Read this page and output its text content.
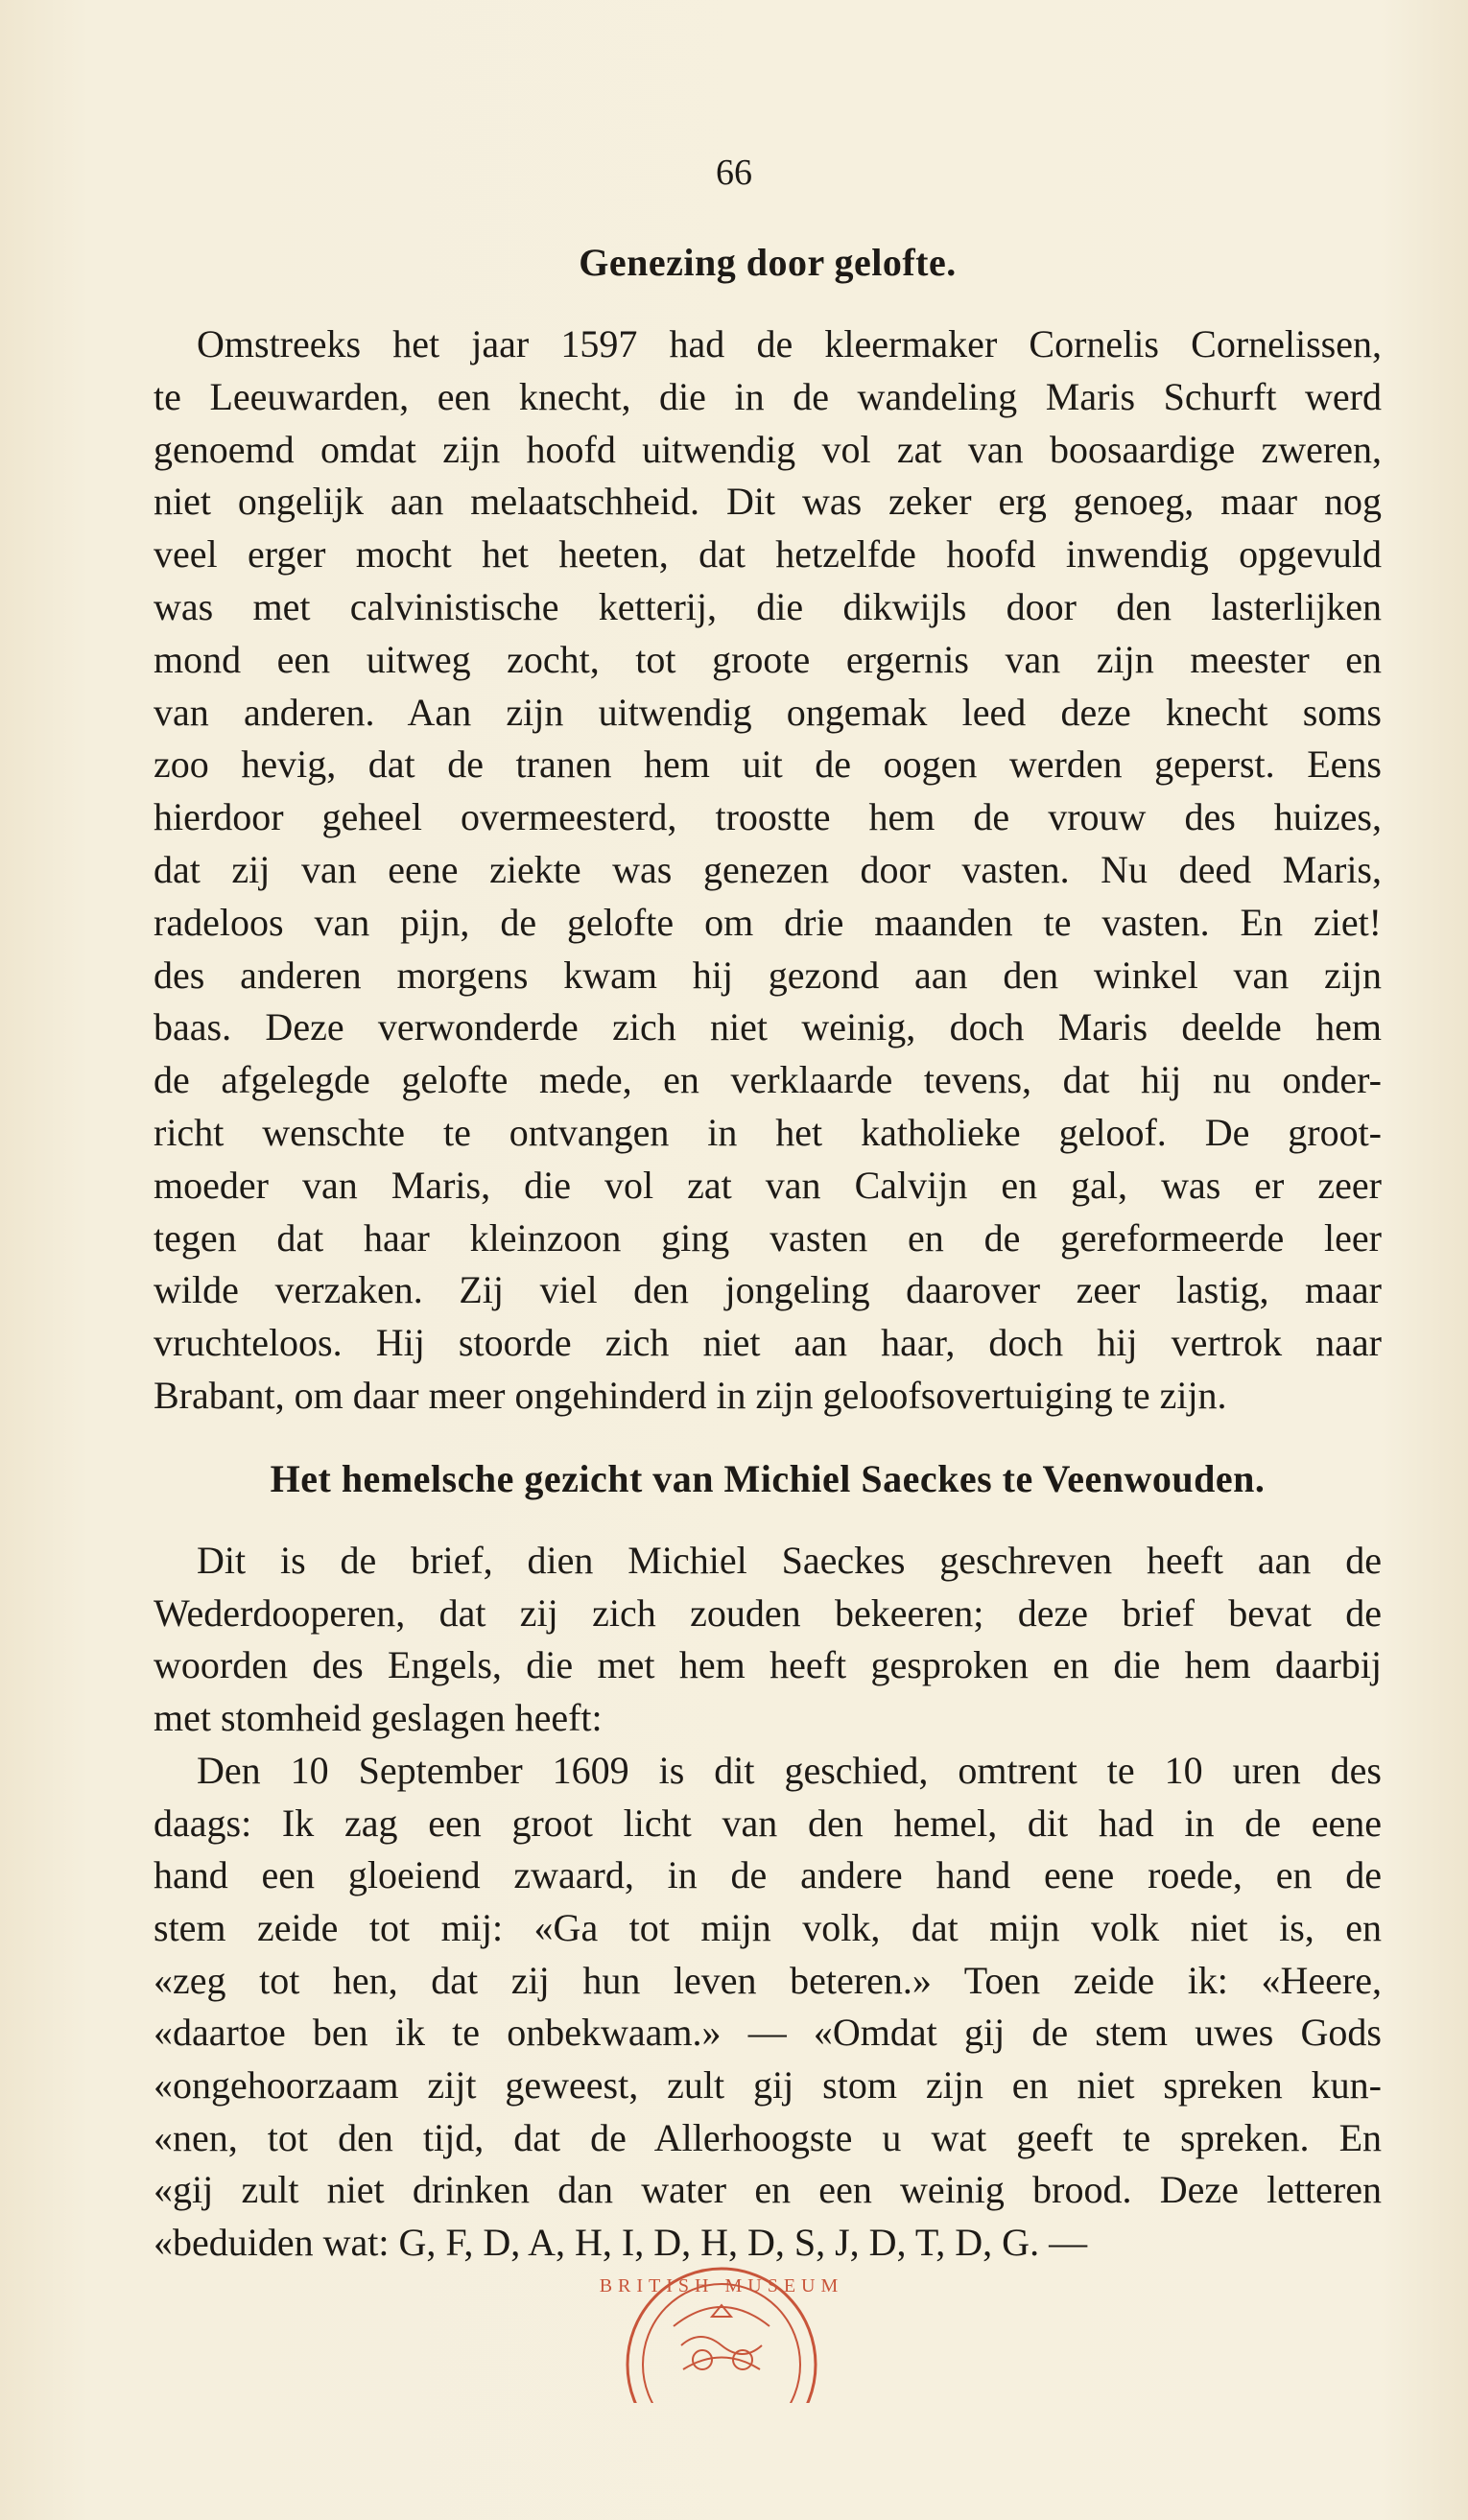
66
Genezing door gelofte.
Omstreeks het jaar 1597 had de kleermaker Cornelis Cornelissen,
te Leeuwarden, een knecht, die in de wandeling Maris Schurft werd
genoemd omdat zijn hoofd uitwendig vol zat van boosaardige zweren,
niet ongelijk aan melaatschheid. Dit was zeker erg genoeg, maar nog
veel erger mocht het heeten, dat hetzelfde hoofd inwendig opgevuld
was met calvinistische ketterij, die dikwijls door den lasterlijken
mond een uitweg zocht, tot groote ergernis van zijn meester en
van anderen. Aan zijn uitwendig ongemak leed deze knecht soms
zoo hevig, dat de tranen hem uit de oogen werden geperst. Eens
hierdoor geheel overmeesterd, troostte hem de vrouw des huizes,
dat zij van eene ziekte was genezen door vasten. Nu deed Maris,
radeloos van pijn, de gelofte om drie maanden te vasten. En ziet!
des anderen morgens kwam hij gezond aan den winkel van zijn
baas. Deze verwonderde zich niet weinig, doch Maris deelde hem
de afgelegde gelofte mede, en verklaarde tevens, dat hij nu onder-
richt wenschte te ontvangen in het katholieke geloof. De groot-
moeder van Maris, die vol zat van Calvijn en gal, was er zeer
tegen dat haar kleinzoon ging vasten en de gereformeerde leer
wilde verzaken. Zij viel den jongeling daarover zeer lastig, maar
vruchteloos. Hij stoorde zich niet aan haar, doch hij vertrok naar
Brabant, om daar meer ongehinderd in zijn geloofsovertuiging te zijn.
Het hemelsche gezicht van Michiel Saeckes te Veenwouden.
Dit is de brief, dien Michiel Saeckes geschreven heeft aan de
Wederdooperen, dat zij zich zouden bekeeren; deze brief bevat de
woorden des Engels, die met hem heeft gesproken en die hem daarbij
met stomheid geslagen heeft:
Den 10 September 1609 is dit geschied, omtrent te 10 uren des
daags: Ik zag een groot licht van den hemel, dit had in de eene
hand een gloeiend zwaard, in de andere hand eene roede, en de
stem zeide tot mij: «Ga tot mijn volk, dat mijn volk niet is, en
«zeg tot hen, dat zij hun leven beteren.» Toen zeide ik: «Heere,
«daartoe ben ik te onbekwaam.» — «Omdat gij de stem uwes Gods
«ongehoorzaam zijt geweest, zult gij stom zijn en niet spreken kun-
«nen, tot den tijd, dat de Allerhoogste u wat geeft te spreken. En
«gij zult niet drinken dan water en een weinig brood. Deze letteren
«beduiden wat: G, F, D, A, H, I, D, H, D, S, J, D, T, D, G. —
BRITISH MUSEUM
